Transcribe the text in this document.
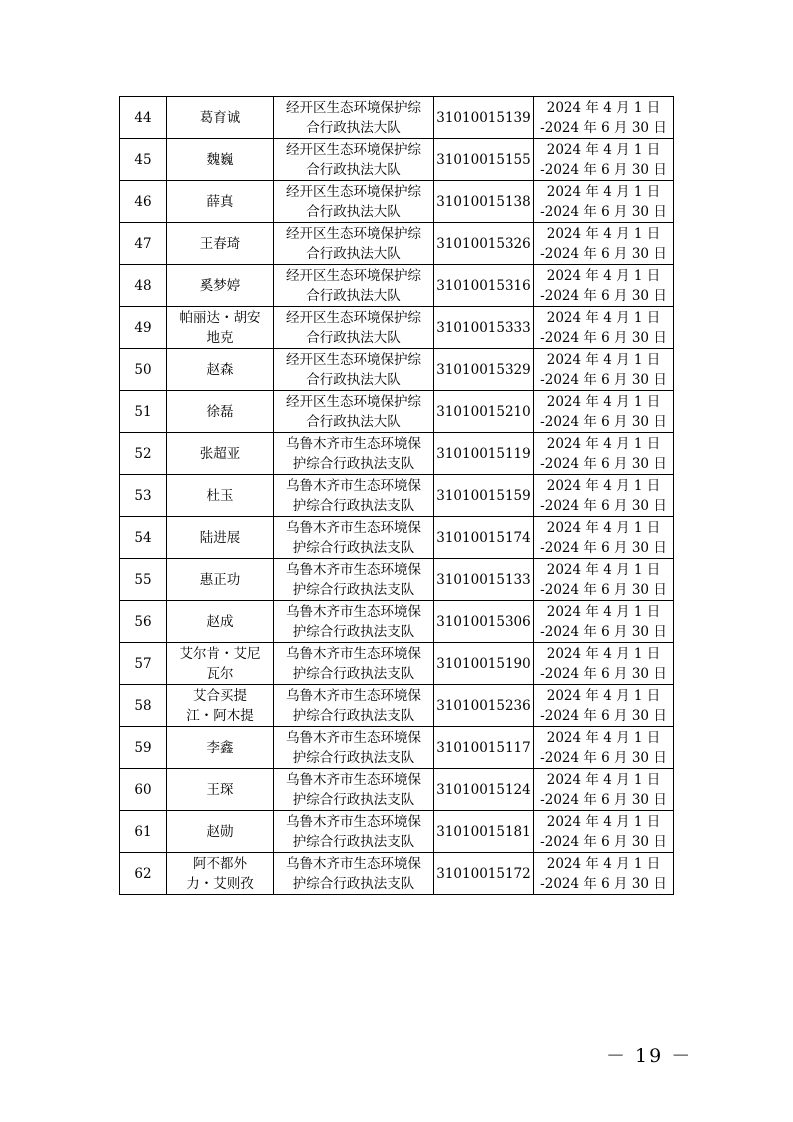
44	葛育诚	经开区生态环境保护综
合行政执法大队	31010015139	2024 年 4 月 1 日
-2024 年 6 月 30 日

45	魏巍	经开区生态环境保护综
合行政执法大队	31010015155	2024 年 4 月 1 日
-2024 年 6 月 30 日

46	薛真	经开区生态环境保护综
合行政执法大队	31010015138	2024 年 4 月 1 日
-2024 年 6 月 30 日

47	王春琦	经开区生态环境保护综
合行政执法大队	31010015326	2024 年 4 月 1 日
-2024 年 6 月 30 日

48	奚梦婷	经开区生态环境保护综
合行政执法大队	31010015316	2024 年 4 月 1 日
-2024 年 6 月 30 日

49	帕丽达・胡安
地克	经开区生态环境保护综
合行政执法大队	31010015333	2024 年 4 月 1 日
-2024 年 6 月 30 日

50	赵森	经开区生态环境保护综
合行政执法大队	31010015329	2024 年 4 月 1 日
-2024 年 6 月 30 日

51	徐磊	经开区生态环境保护综
合行政执法大队	31010015210	2024 年 4 月 1 日
-2024 年 6 月 30 日

52	张超亚	乌鲁木齐市生态环境保
护综合行政执法支队	31010015119	2024 年 4 月 1 日
-2024 年 6 月 30 日

53	杜玉	乌鲁木齐市生态环境保
护综合行政执法支队	31010015159	2024 年 4 月 1 日
-2024 年 6 月 30 日

54	陆进展	乌鲁木齐市生态环境保
护综合行政执法支队	31010015174	2024 年 4 月 1 日
-2024 年 6 月 30 日

55	惠正功	乌鲁木齐市生态环境保
护综合行政执法支队	31010015133	2024 年 4 月 1 日
-2024 年 6 月 30 日

56	赵成	乌鲁木齐市生态环境保
护综合行政执法支队	31010015306	2024 年 4 月 1 日
-2024 年 6 月 30 日

57	艾尔肯・艾尼
瓦尔	乌鲁木齐市生态环境保
护综合行政执法支队	31010015190	2024 年 4 月 1 日
-2024 年 6 月 30 日

58	艾合买提
江・阿木提	乌鲁木齐市生态环境保
护综合行政执法支队	31010015236	2024 年 4 月 1 日
-2024 年 6 月 30 日

59	李鑫	乌鲁木齐市生态环境保
护综合行政执法支队	31010015117	2024 年 4 月 1 日
-2024 年 6 月 30 日

60	王琛	乌鲁木齐市生态环境保
护综合行政执法支队	31010015124	2024 年 4 月 1 日
-2024 年 6 月 30 日

61	赵勋	乌鲁木齐市生态环境保
护综合行政执法支队	31010015181	2024 年 4 月 1 日
-2024 年 6 月 30 日

62	阿不都外
力・艾则孜	乌鲁木齐市生态环境保
护综合行政执法支队	31010015172	2024 年 4 月 1 日
-2024 年 6 月 30 日
－ 19 －
